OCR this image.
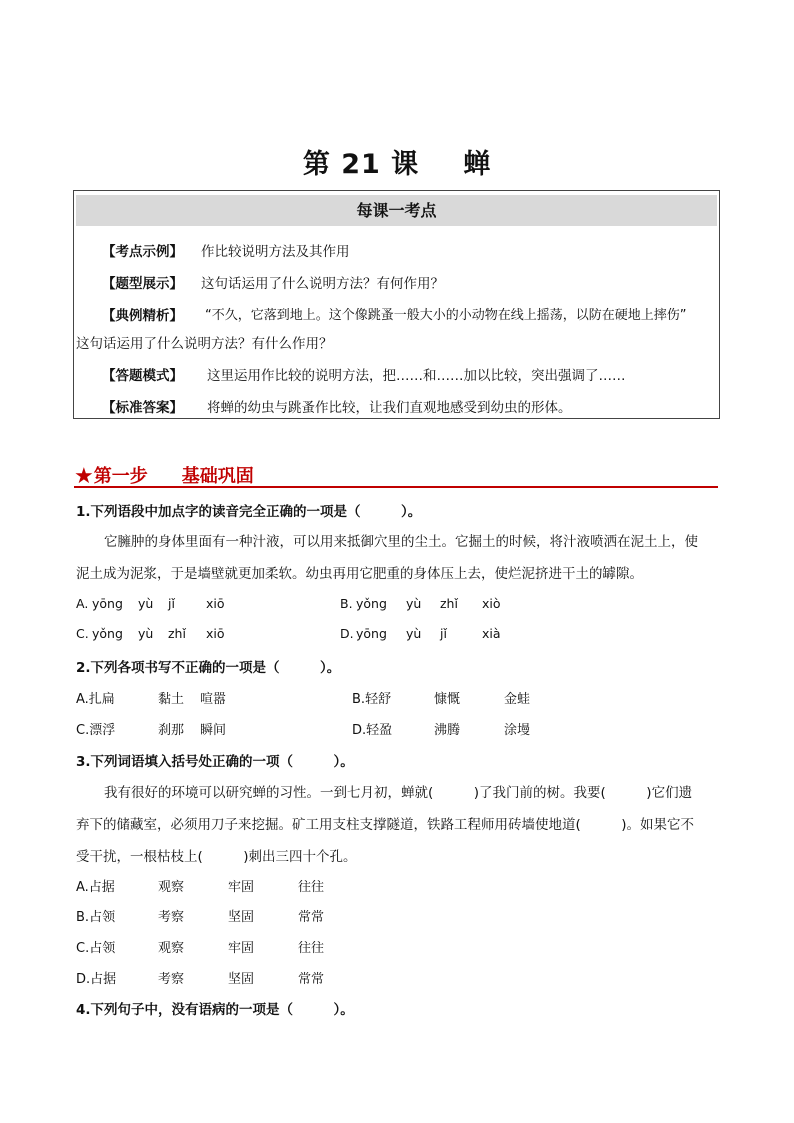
第 21 课 蝉
每课一考点
【考点示例】 作比较说明方法及其作用
【题型展示】 这句话运用了什么说明方法？有何作用？
【典例精析】 “不久，它落到地上。这个像跳蚤一般大小的小动物在线上摇荡，以防在硬地上摔伤”
这句话运用了什么说明方法？有什么作用？
【答题模式】 这里运用作比较的说明方法，把……和……加以比较，突出强调了……
【标准答案】 将蝉的幼虫与跳蚤作比较，让我们直观地感受到幼虫的形体。
★第一步 基础巩固
1.下列语段中加点字的读音完全正确的一项是（　　　）。
它臃肿的身体里面有一种汁液，可以用来抵御穴里的尘土。它掘土的时候，将汁液喷洒在泥土上，使
泥土成为泥浆，于是墙壁就更加柔软。幼虫再用它肥重的身体压上去，使烂泥挤进干土的罅隙。
A. yōng yù jǐ xiō	B. yǒng yù zhǐ xiò
C. yǒng yù zhǐ xiō	D. yōng yù jǐ	xià
2.下列各项书写不正确的一项是（　　　）。
A.扎扁	黏土 喧嚣	B.轻舒	慷慨	金蛙
C.漂浮	刹那 瞬间	D.轻盈	沸腾	涂墁
3.下列词语填入括号处正确的一项（　　　）。
我有很好的环境可以研究蝉的习性。一到七月初，蝉就(　　　)了我门前的树。我要(　　　)它们遗
弃下的储藏室，必须用刀子来挖掘。矿工用支柱支撑隧道，铁路工程师用砖墙使地道(　　　)。如果它不
受干扰，一根枯枝上(　　　)刺出三四十个孔。
A.占据	观察	牢固	往往
B.占领	考察	坚固	常常
C.占领	观察	牢固	往往
D.占据	考察	坚固	常常
4.下列句子中，没有语病的一项是（　　　）。
